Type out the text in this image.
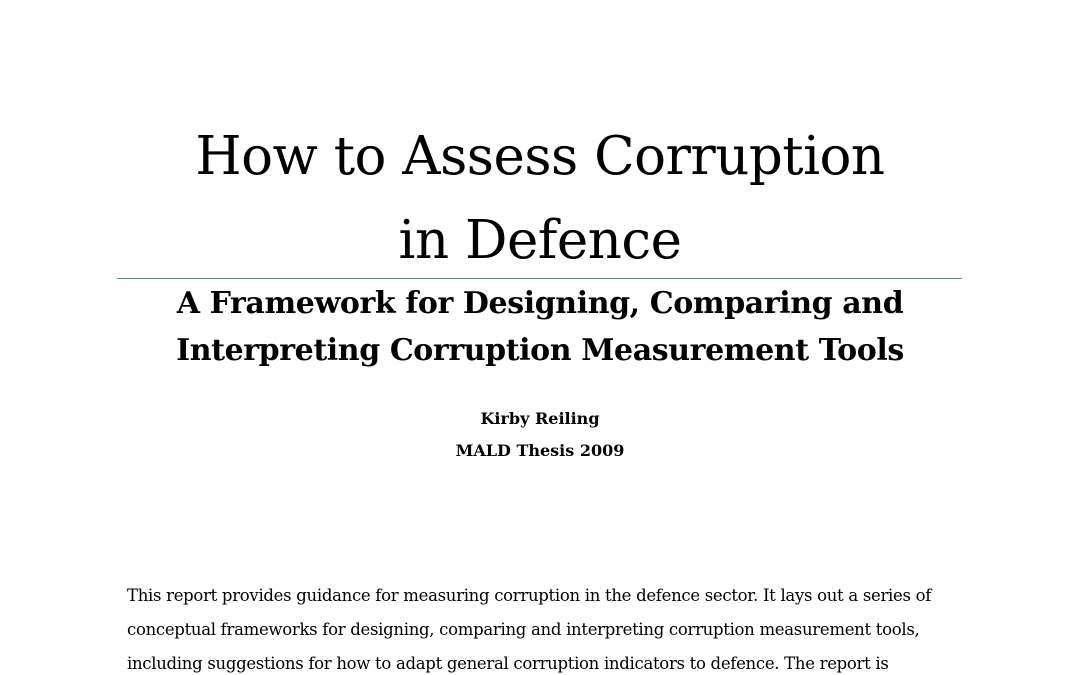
How to Assess Corruption
in Defence
A Framework for Designing, Comparing and
Interpreting Corruption Measurement Tools

Kirby Reiling

MALD Thesis 2009

This report provides guidance for measuring corruption in the defence sector. It lays out a series of

conceptual frameworks for designing, comparing and interpreting corruption measurement tools,

including suggestions for how to adapt general corruption indicators to defence. The report is
